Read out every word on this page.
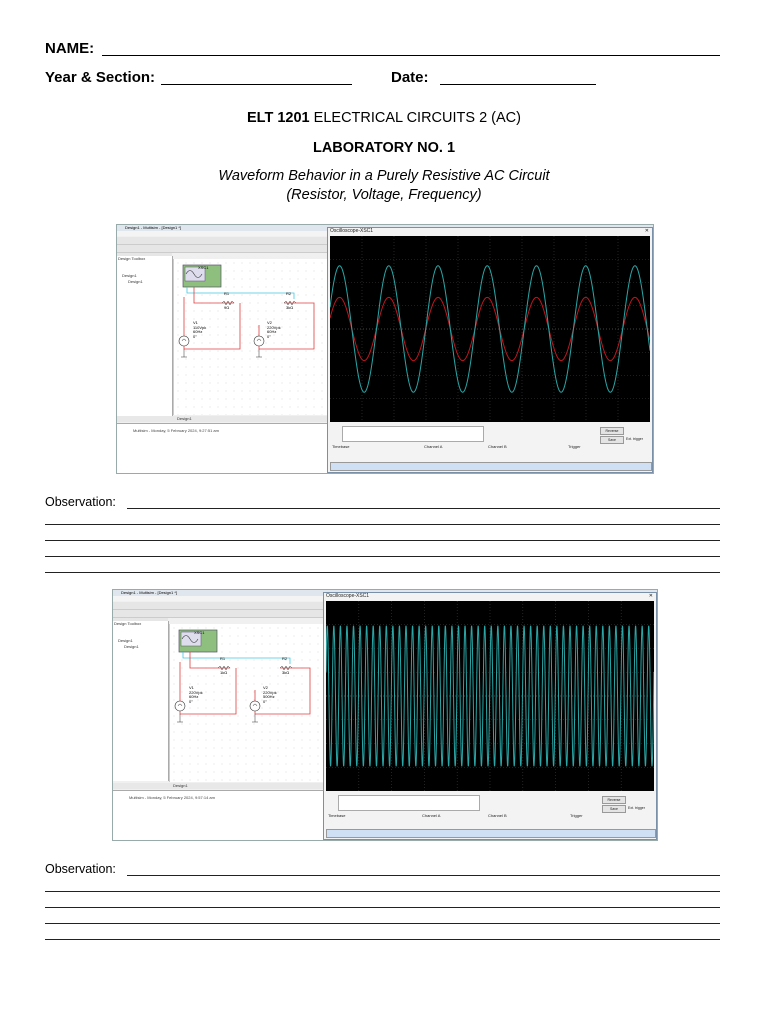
NAME:
Year & Section:	Date:
ELT 1201 ELECTRICAL CIRCUITS 2 (AC)
LABORATORY NO. 1
Waveform Behavior in a Purely Resistive AC Circuit
(Resistor, Voltage, Frequency)
Design1 - Multisim - [Design1 *]
Design Toolbox
Design1
Design1
XSC1
R1
9Ω
R2
3kΩ
V1
110Vpk
60Hz
0°
V2
220Vpk
60Hz
0°
Design1
Multisim - Monday, 5 February 2024, 9:27:51 am
Oscilloscope-XSC1	✕
Reverse
Save	Ext. trigger
Timebase	Channel A	Channel B	Trigger
Observation:
Design1 - Multisim - [Design1 *]
Design Toolbox
Design1
Design1
XSC1
R1
1kΩ
R2
3kΩ
V1
220Vpk
60Hz
0°
V2
220Vpk
500Hz
0°
Design1
Multisim - Monday, 5 February 2024, 9:57:14 am
Oscilloscope-XSC1	✕
Reverse
Save	Ext. trigger
Timebase	Channel A	Channel B	Trigger
Observation:
